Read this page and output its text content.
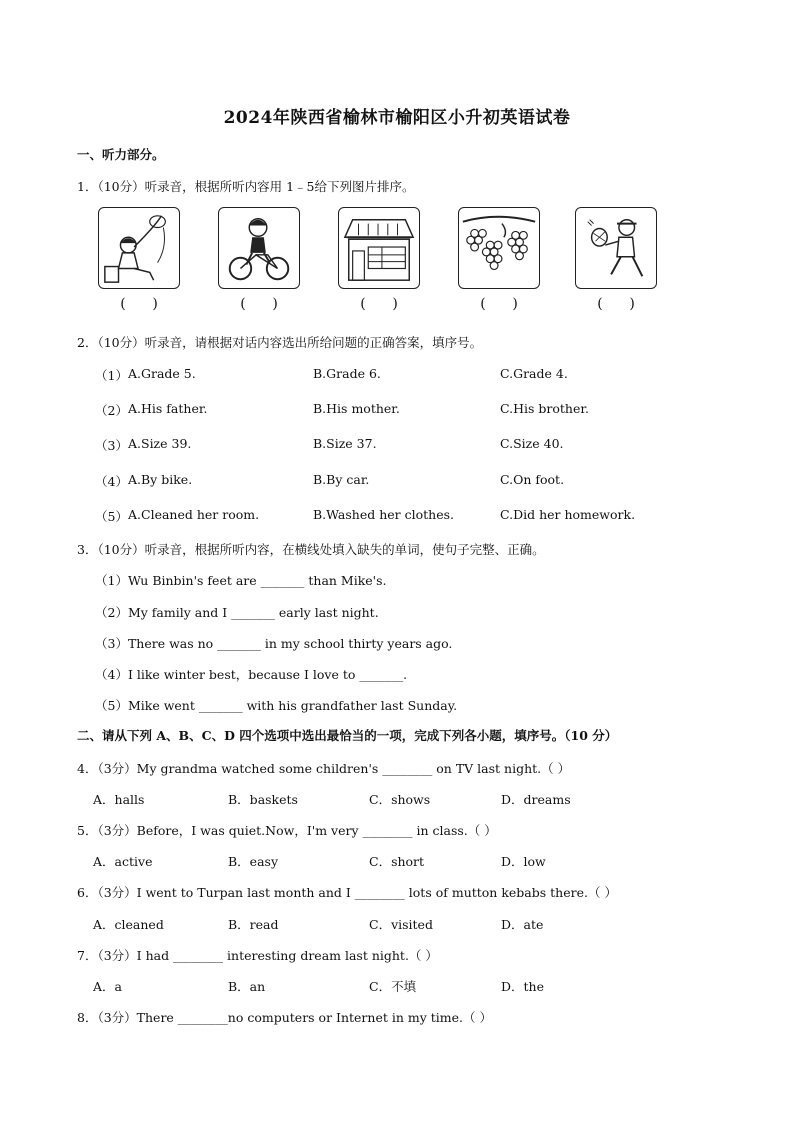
2024年陕西省榆林市榆阳区小升初英语试卷
一、听力部分。
1．（10分）听录音，根据所听内容用 1﹣5给下列图片排序。
(      )	(      )	(      )	(      )	(      )
2．（10分）听录音，请根据对话内容选出所给问题的正确答案，填序号。
（1） A.Grade 5.	B.Grade 6.	C.Grade 4.
（2） A.His father.	B.His mother.	C.His brother.
（3） A.Size 39.	B.Size 37.	C.Size 40.
（4） A.By bike.	B.By car.	C.On foot.
（5） A.Cleaned her room.	B.Washed her clothes.	C.Did her homework.
3．（10分）听录音，根据所听内容，在横线处填入缺失的单词，使句子完整、正确。
（1）Wu Binbin's feet are _______ than Mike's.
（2）My family and I _______ early last night.
（3）There was no _______ in my school thirty years ago.
（4）I like winter best，because I love to _______.
（5）Mike went _______ with his grandfather last Sunday.
二、请从下列 A、B、C、D 四个选项中选出最恰当的一项，完成下列各小题，填序号。（10 分）
4．（3分）My grandma watched some children's ________ on TV last night.（ ）
A．halls	B．baskets	C．shows	D．dreams
5．（3分）Before，I was quiet.Now，I'm very ________ in class.（ ）
A．active	B．easy	C．short	D．low
6．（3分）I went to Turpan last month and I ________ lots of mutton kebabs there.（ ）
A．cleaned	B．read	C．visited	D．ate
7．（3分）I had ________ interesting dream last night.（ ）
A．a	B．an	C．不填	D．the
8．（3分）There ________no computers or Internet in my time.（ ）
